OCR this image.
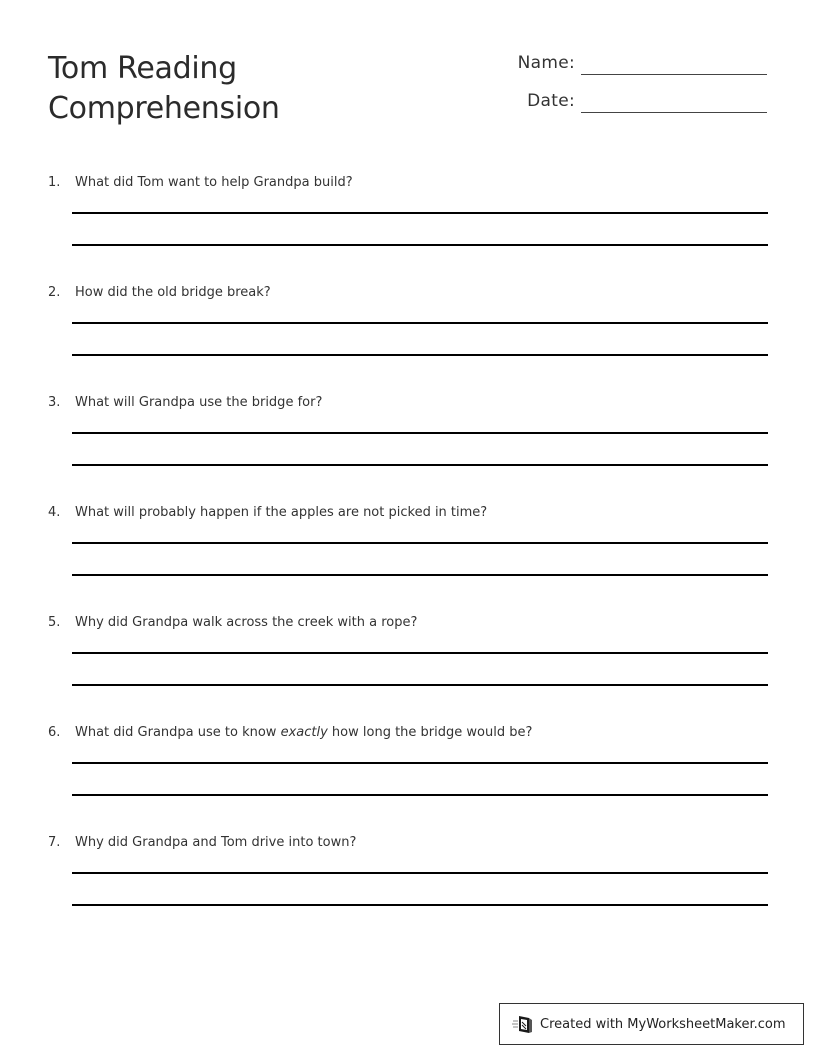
Tom Reading
Comprehension
Name:
Date:
1. What did Tom want to help Grandpa build?
2. How did the old bridge break?
3. What will Grandpa use the bridge for?
4. What will probably happen if the apples are not picked in time?
5. Why did Grandpa walk across the creek with a rope?
6. What did Grandpa use to know exactly how long the bridge would be?
7. Why did Grandpa and Tom drive into town?
Created with MyWorksheetMaker.com
